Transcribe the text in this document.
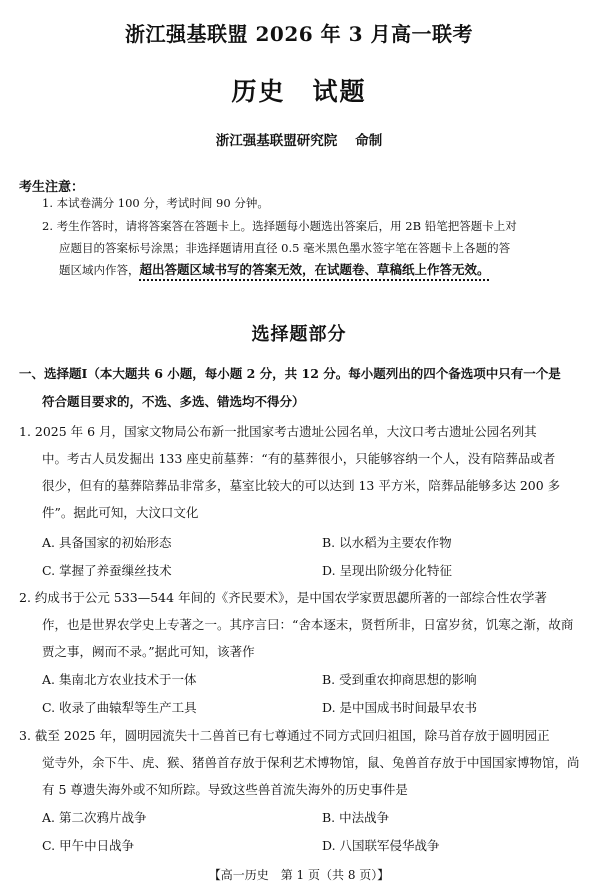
浙江强基联盟 2026 年 3 月高一联考
历史　试题
浙江强基联盟研究院 命制
考生注意：
1. 本试卷满分 100 分，考试时间 90 分钟。
2. 考生作答时，请将答案答在答题卡上。选择题每小题选出答案后，用 2B 铅笔把答题卡上对
应题目的答案标号涂黑；非选择题请用直径 0.5 毫米黑色墨水签字笔在答题卡上各题的答
题区域内作答，超出答题区域书写的答案无效，在试题卷、草稿纸上作答无效。
选择题部分
一、选择题Ⅰ（本大题共 6 小题，每小题 2 分，共 12 分。每小题列出的四个备选项中只有一个是
符合题目要求的，不选、多选、错选均不得分）
1. 2025 年 6 月，国家文物局公布新一批国家考古遗址公园名单，大汶口考古遗址公园名列其
中。考古人员发掘出 133 座史前墓葬：“有的墓葬很小，只能够容纳一个人，没有陪葬品或者
很少，但有的墓葬陪葬品非常多，墓室比较大的可以达到 13 平方米，陪葬品能够多达 200 多
件”。据此可知，大汶口文化
A. 具备国家的初始形态	B. 以水稻为主要农作物
C. 掌握了养蚕缫丝技术	D. 呈现出阶级分化特征
2. 约成书于公元 533—544 年间的《齐民要术》，是中国农学家贾思勰所著的一部综合性农学著
作，也是世界农学史上专著之一。其序言曰：“舍本逐末，贤哲所非，日富岁贫，饥寒之渐，故商
贾之事，阙而不录。”据此可知，该著作
A. 集南北方农业技术于一体	B. 受到重农抑商思想的影响
C. 收录了曲辕犁等生产工具	D. 是中国成书时间最早农书
3. 截至 2025 年，圆明园流失十二兽首已有七尊通过不同方式回归祖国，除马首存放于圆明园正
觉寺外，余下牛、虎、猴、猪兽首存放于保利艺术博物馆，鼠、兔兽首存放于中国国家博物馆，尚
有 5 尊遗失海外或不知所踪。导致这些兽首流失海外的历史事件是
A. 第二次鸦片战争	B. 中法战争
C. 甲午中日战争	D. 八国联军侵华战争
【高一历史　第 1 页（共 8 页）】
